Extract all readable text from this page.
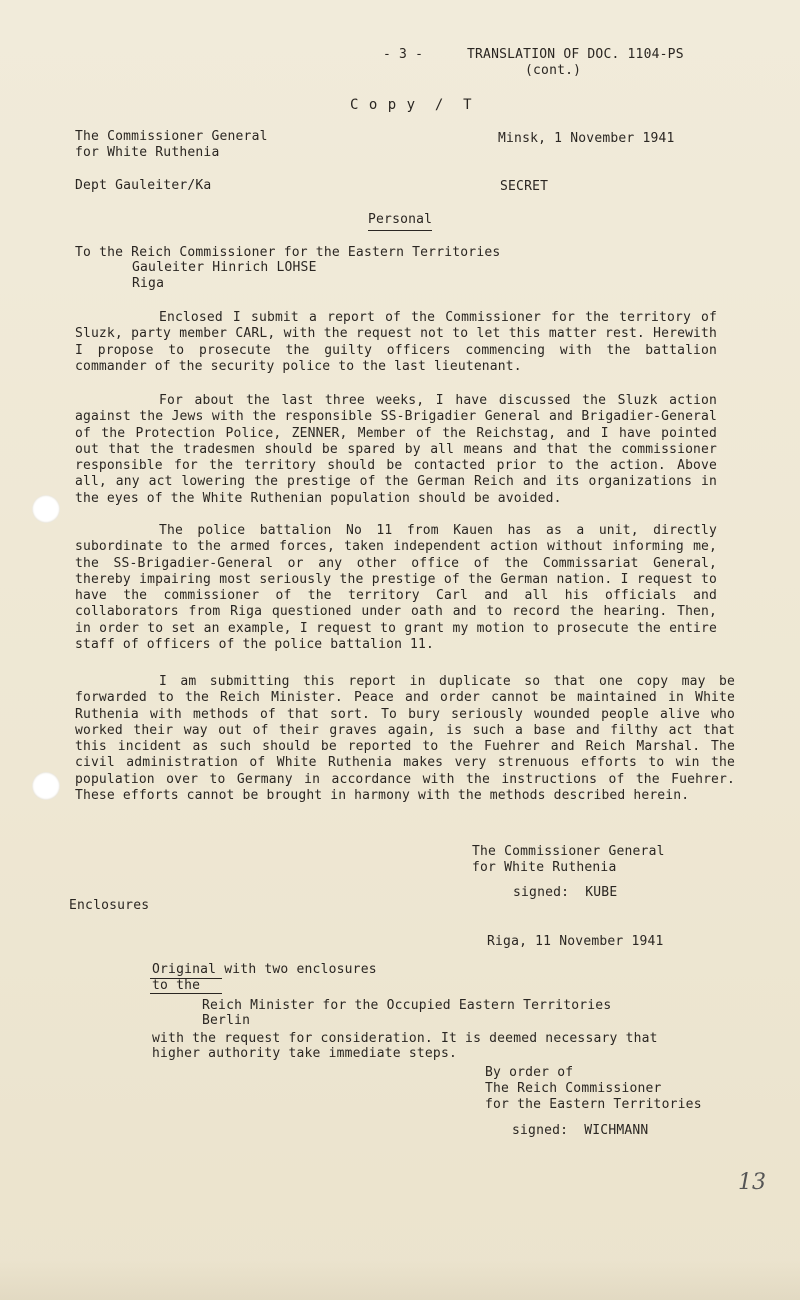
- 3 -	TRANSLATION OF DOC. 1104-PS
(cont.)
C o p y  /  T
The Commissioner General
for White Ruthenia
Minsk, 1 November 1941
Dept Gauleiter/Ka	SECRET
Personal
To the Reich Commissioner for the Eastern Territories
Gauleiter Hinrich LOHSE
Riga
Enclosed I submit a report of the Commissioner for the territory of Sluzk, party member CARL, with the request not to let this matter rest. Herewith I propose to prosecute the guilty officers commencing with the battalion commander of the security police to the last lieutenant.
For about the last three weeks, I have discussed the Sluzk action against the Jews with the responsible SS-Brigadier General and Brigadier-General of the Protection Police, ZENNER, Member of the Reichstag, and I have pointed out that the tradesmen should be spared by all means and that the commissioner responsible for the territory should be contacted prior to the action. Above all, any act lowering the prestige of the German Reich and its organizations in the eyes of the White Ruthenian population should be avoided.
The police battalion No 11 from Kauen has as a unit, directly subordinate to the armed forces, taken independent action without informing me, the SS-Brigadier-General or any other office of the Commissariat General, thereby impairing most seriously the prestige of the German nation. I request to have the commissioner of the territory Carl and all his officials and collaborators from Riga questioned under oath and to record the hearing. Then, in order to set an example, I request to grant my motion to prosecute the entire staff of officers of the police battalion 11.
I am submitting this report in duplicate so that one copy may be forwarded to the Reich Minister. Peace and order cannot be maintained in White Ruthenia with methods of that sort. To bury seriously wounded people alive who worked their way out of their graves again, is such a base and filthy act that this incident as such should be reported to the Fuehrer and Reich Marshal. The civil administration of White Ruthenia makes very strenuous efforts to win the population over to Germany in accordance with the instructions of the Fuehrer. These efforts cannot be brought in harmony with the methods described herein.
The Commissioner General
for White Ruthenia
signed:  KUBE
Enclosures
Riga, 11 November 1941
Original with two enclosures
to the
Reich Minister for the Occupied Eastern Territories
Berlin
with the request for consideration. It is deemed necessary that
higher authority take immediate steps.
By order of
The Reich Commissioner
for the Eastern Territories
signed:  WICHMANN
13
